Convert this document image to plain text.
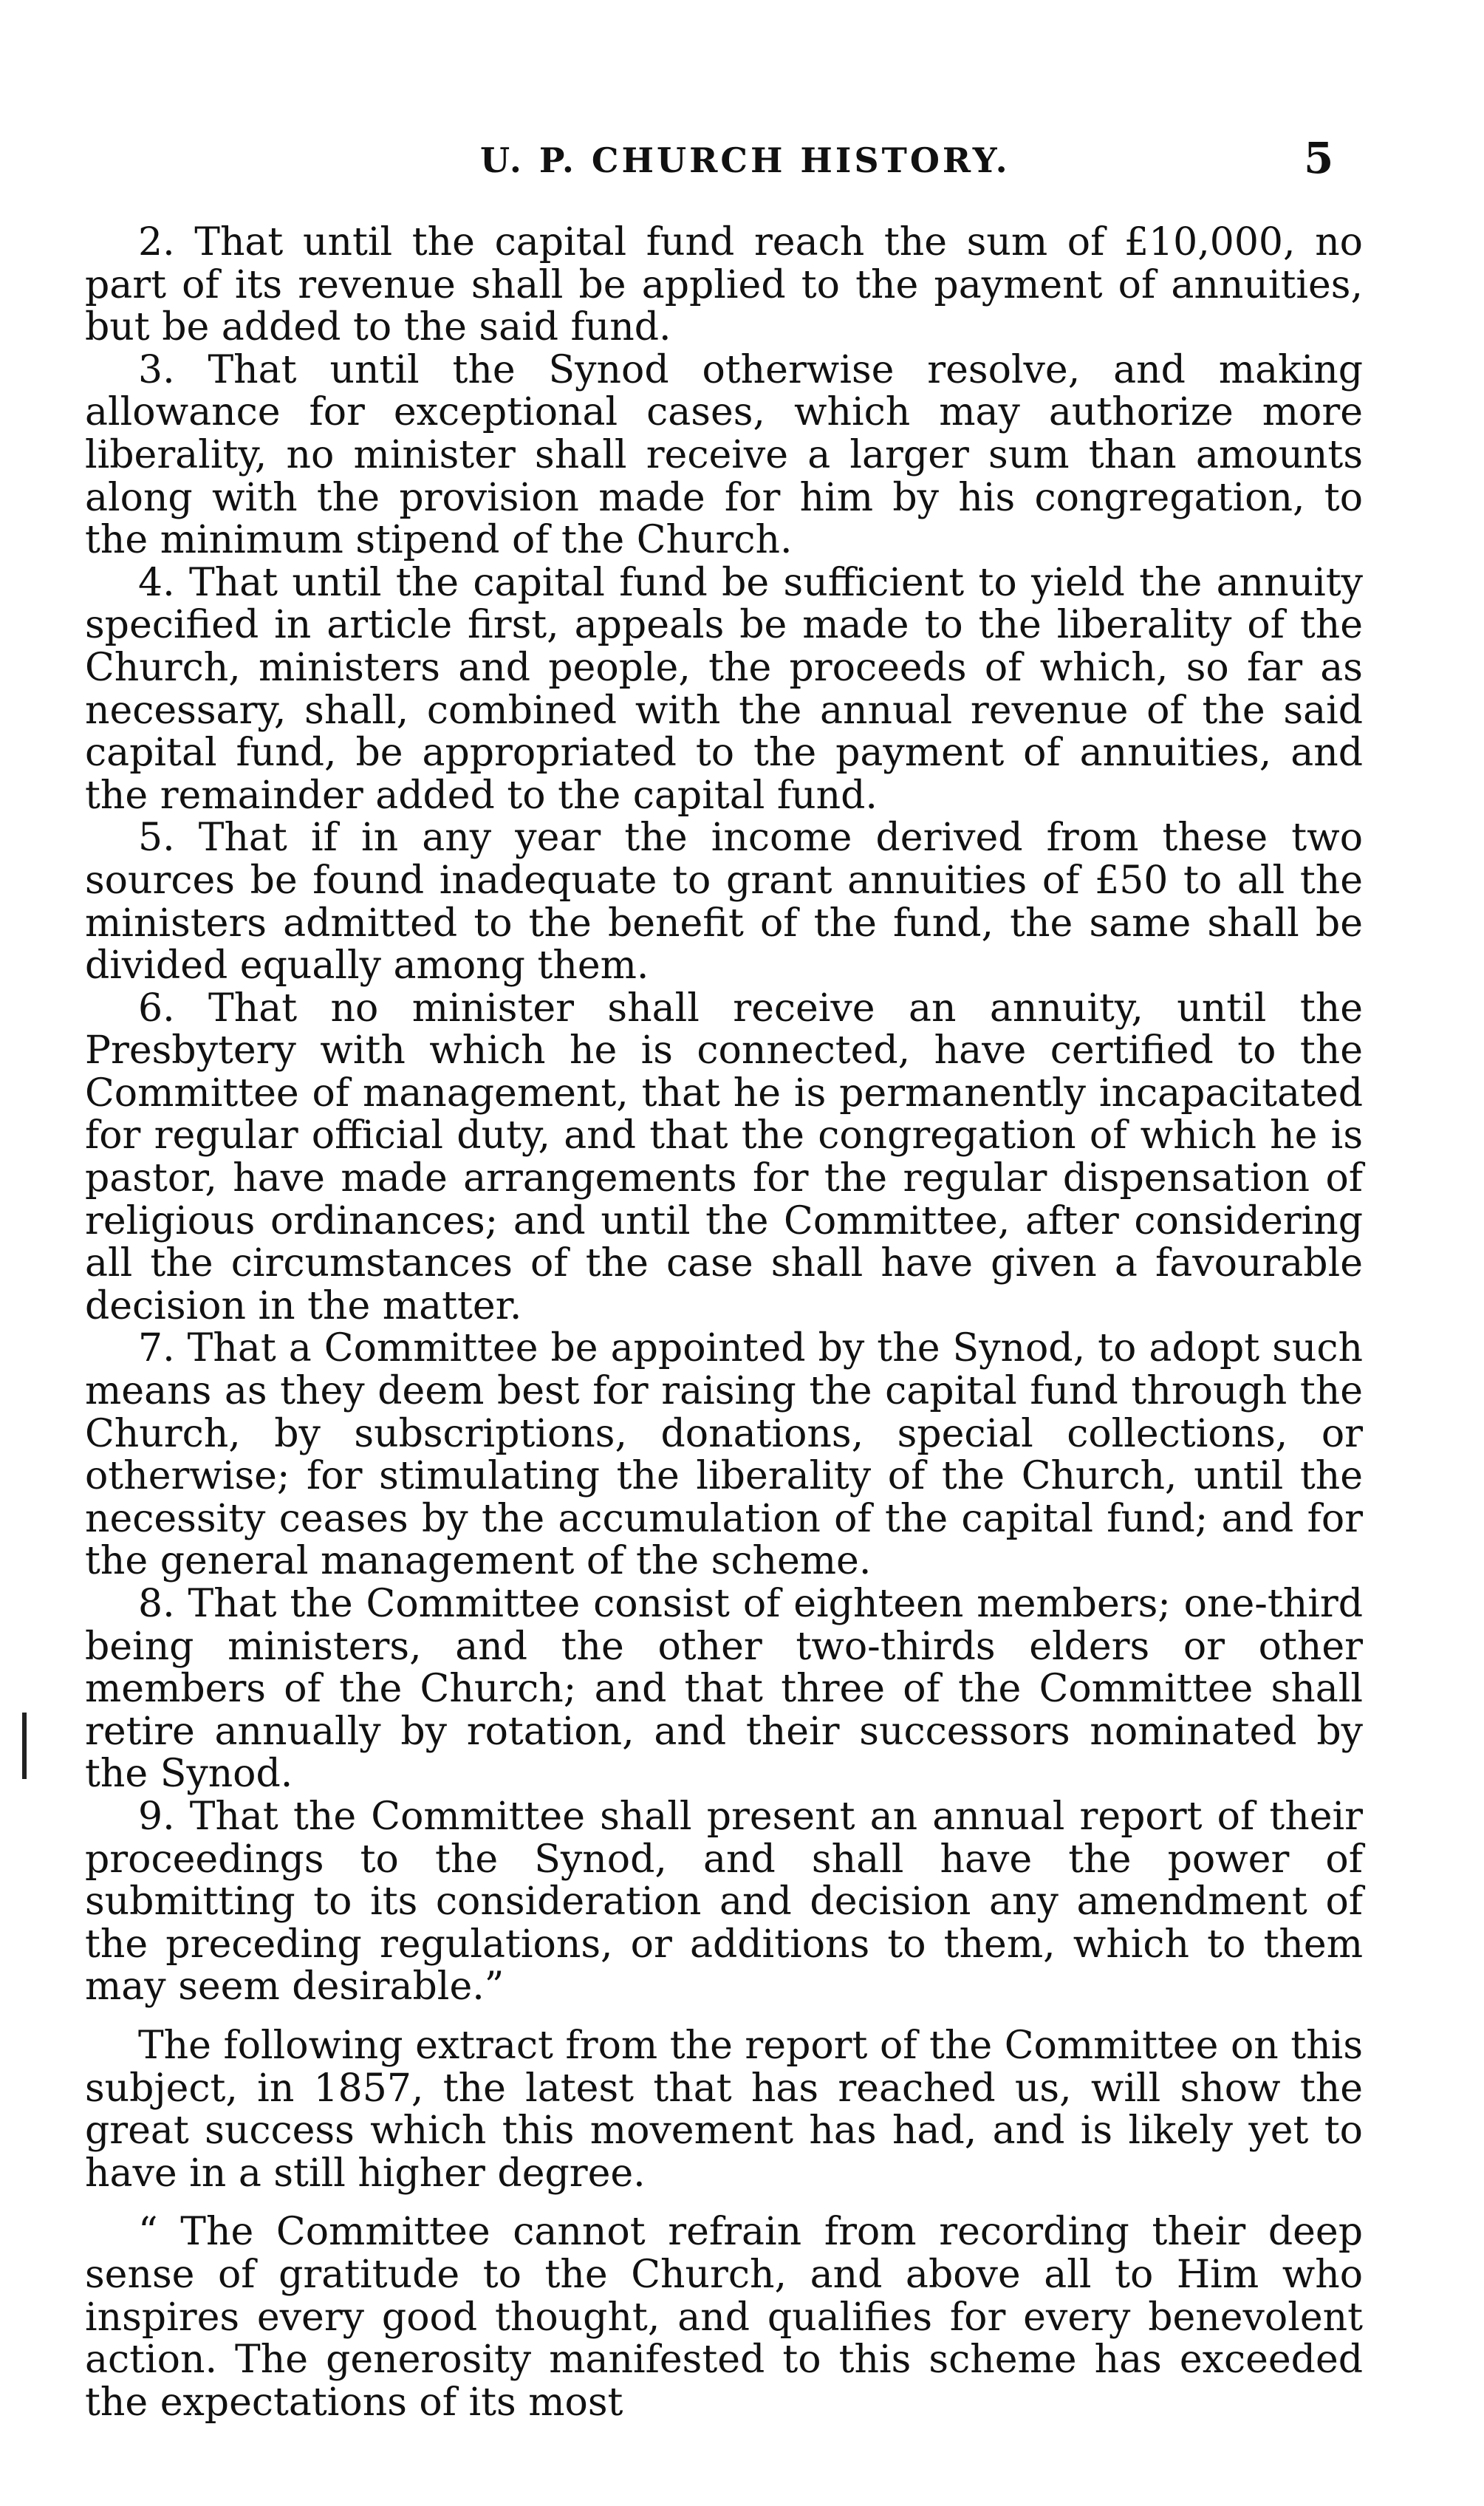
U. P. CHURCH HISTORY.	5

2. That until the capital fund reach the sum of £10,000, no part of its revenue shall be applied to the payment of annuities, but be added to the said fund.

3. That until the Synod otherwise resolve, and making allowance for exceptional cases, which may authorize more liberality, no minister shall receive a larger sum than amounts along with the provision made for him by his congregation, to the minimum stipend of the Church.

4. That until the capital fund be sufficient to yield the annuity specified in article first, appeals be made to the liberality of the Church, ministers and people, the proceeds of which, so far as necessary, shall, combined with the annual revenue of the said capital fund, be appropriated to the payment of annuities, and the remainder added to the capital fund.

5. That if in any year the income derived from these two sources be found inadequate to grant annuities of £50 to all the ministers admitted to the benefit of the fund, the same shall be divided equally among them.

6. That no minister shall receive an annuity, until the Presbytery with which he is connected, have certified to the Committee of management, that he is permanently incapacitated for regular official duty, and that the congregation of which he is pastor, have made arrangements for the regular dispensation of religious ordinances; and until the Committee, after considering all the circumstances of the case shall have given a favourable decision in the matter.

7. That a Committee be appointed by the Synod, to adopt such means as they deem best for raising the capital fund through the Church, by subscriptions, donations, special collections, or otherwise; for stimulating the liberality of the Church, until the necessity ceases by the accumulation of the capital fund; and for the general management of the scheme.

8. That the Committee consist of eighteen members; one-third being ministers, and the other two-thirds elders or other members of the Church; and that three of the Committee shall retire annually by rotation, and their successors nominated by the Synod.

9. That the Committee shall present an annual report of their proceedings to the Synod, and shall have the power of submitting to its consideration and decision any amendment of the preceding regulations, or additions to them, which to them may seem desirable.”

The following extract from the report of the Committee on this subject, in 1857, the latest that has reached us, will show the great success which this movement has had, and is likely yet to have in a still higher degree.

“ The Committee cannot refrain from recording their deep sense of gratitude to the Church, and above all to Him who inspires every good thought, and qualifies for every benevolent action. The generosity manifested to this scheme has exceeded the expectations of its most
